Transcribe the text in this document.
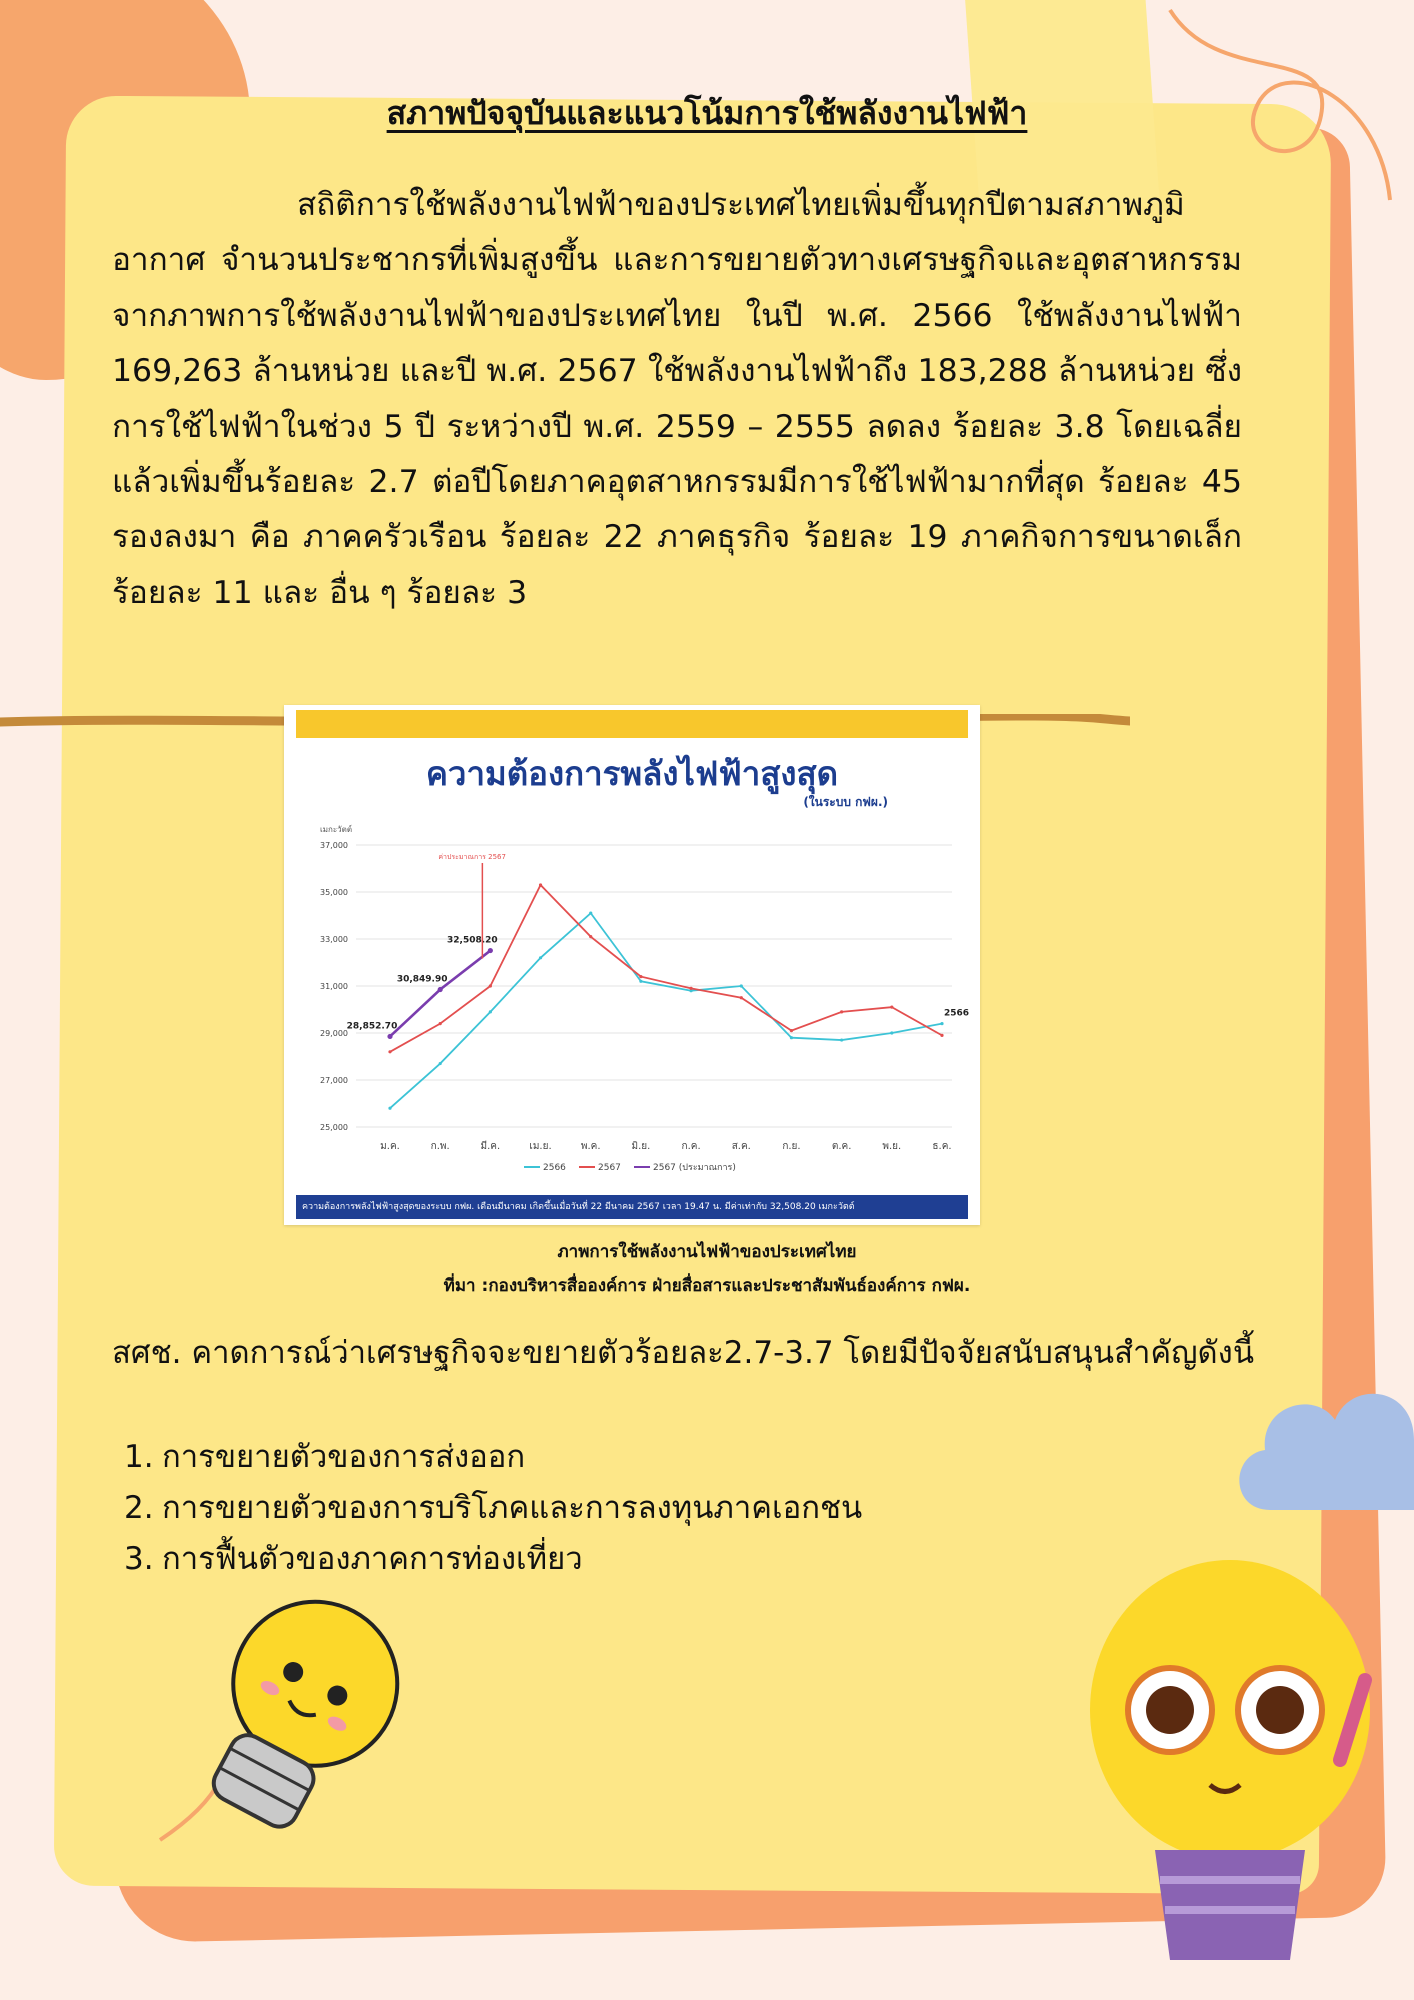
สภาพปัจจุบันและแนวโน้มการใช้พลังงานไฟฟ้า
สถิติการใช้พลังงานไฟฟ้าของประเทศไทยเพิ่มขึ้นทุกปีตามสภาพภูมิอากาศ จำนวนประชากรที่เพิ่มสูงขึ้น และการขยายตัวทางเศรษฐกิจและอุตสาหกรรม จากภาพการใช้พลังงานไฟฟ้าของประเทศไทย ในปี พ.ศ. 2566 ใช้พลังงานไฟฟ้า 169,263 ล้านหน่วย และปี พ.ศ. 2567 ใช้พลังงานไฟฟ้าถึง 183,288 ล้านหน่วย ซึ่งการใช้ไฟฟ้าในช่วง 5 ปี ระหว่างปี พ.ศ. 2559 – 2555 ลดลง ร้อยละ 3.8 โดยเฉลี่ยแล้วเพิ่มขึ้นร้อยละ 2.7 ต่อปีโดยภาคอุตสาหกรรมมีการใช้ไฟฟ้ามากที่สุด ร้อยละ 45 รองลงมา คือ ภาคครัวเรือน ร้อยละ 22 ภาคธุรกิจ ร้อยละ 19 ภาคกิจการขนาดเล็ก ร้อยละ 11 และ อื่น ๆ ร้อยละ 3
ความต้องการพลังไฟฟ้าสูงสุด
(ในระบบ กฟผ.)
เมกะวัตต์
25,000
27,000
29,000
31,000
33,000
35,000
37,000
ม.ค.	ก.พ.	มี.ค.	เม.ย.	พ.ค.	มิ.ย.	ก.ค.	ส.ค.	ก.ย.	ต.ค.	พ.ย.	ธ.ค.
28,852.70
30,849.90
32,508.20
2566
ค่าประมาณการ 2567
2566	2567	2567 (ประมาณการ)
ความต้องการพลังไฟฟ้าสูงสุดของระบบ กฟผ. เดือนมีนาคม เกิดขึ้นเมื่อวันที่ 22 มีนาคม 2567 เวลา 19.47 น. มีค่าเท่ากับ 32,508.20 เมกะวัตต์
ภาพการใช้พลังงานไฟฟ้าของประเทศไทย
ที่มา :กองบริหารสื่อองค์การ ฝ่ายสื่อสารและประชาสัมพันธ์องค์การ กฟผ.
สศช. คาดการณ์ว่าเศรษฐกิจจะขยายตัวร้อยละ2.7-3.7 โดยมีปัจจัยสนับสนุนสำคัญดังนี้
1. การขยายตัวของการส่งออก
2. การขยายตัวของการบริโภคและการลงทุนภาคเอกชน
3. การฟื้นตัวของภาคการท่องเที่ยว
